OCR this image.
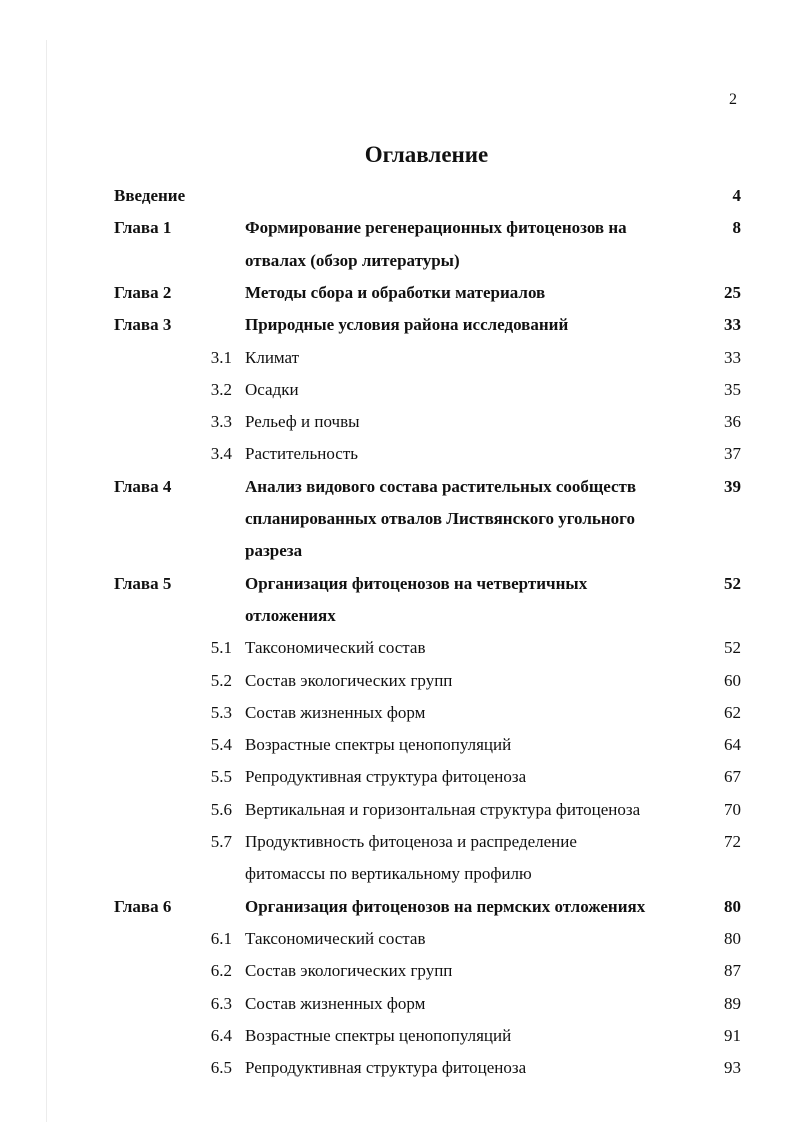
2
Оглавление
Введение	4
Глава 1	Формирование регенерационных фитоценозов на	8
отвалах (обзор литературы)
Глава 2	Методы сбора и обработки материалов	25
Глава 3	Природные условия района исследований	33
3.1 Климат	33
3.2 Осадки	35
3.3 Рельеф и почвы	36
3.4 Растительность	37
Глава 4	Анализ видового состава растительных сообществ	39
спланированных отвалов Листвянского угольного
разреза
Глава 5	Организация фитоценозов на четвертичных	52
отложениях
5.1 Таксономический состав	52
5.2 Состав экологических групп	60
5.3 Состав жизненных форм	62
5.4 Возрастные спектры ценопопуляций	64
5.5 Репродуктивная структура фитоценоза	67
5.6 Вертикальная и горизонтальная структура фитоценоза	70
5.7 Продуктивность фитоценоза и распределение	72
фитомассы по вертикальному профилю
Глава 6	Организация фитоценозов на пермских отложениях	80
6.1 Таксономический состав	80
6.2 Состав экологических групп	87
6.3 Состав жизненных форм	89
6.4 Возрастные спектры ценопопуляций	91
6.5 Репродуктивная структура фитоценоза	93
